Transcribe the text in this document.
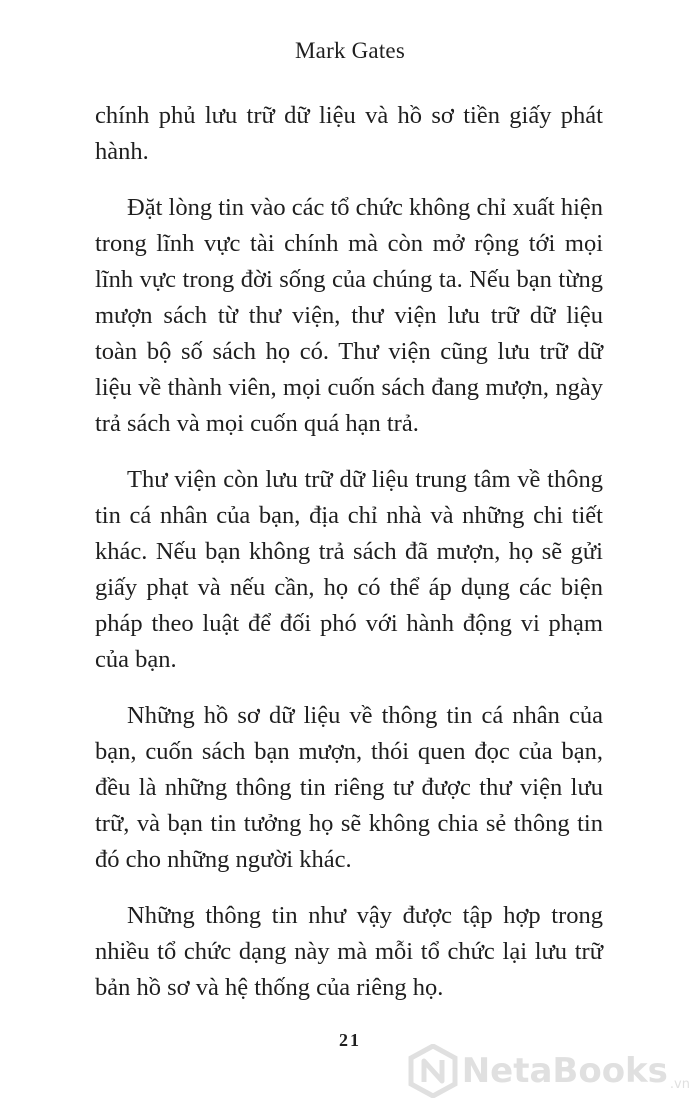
Mark Gates

chính phủ lưu trữ dữ liệu và hồ sơ tiền giấy phát hành.

Đặt lòng tin vào các tổ chức không chỉ xuất hiện trong lĩnh vực tài chính mà còn mở rộng tới mọi lĩnh vực trong đời sống của chúng ta. Nếu bạn từng mượn sách từ thư viện, thư viện lưu trữ dữ liệu toàn bộ số sách họ có. Thư viện cũng lưu trữ dữ liệu về thành viên, mọi cuốn sách đang mượn, ngày trả sách và mọi cuốn quá hạn trả.

Thư viện còn lưu trữ dữ liệu trung tâm về thông tin cá nhân của bạn, địa chỉ nhà và những chi tiết khác. Nếu bạn không trả sách đã mượn, họ sẽ gửi giấy phạt và nếu cần, họ có thể áp dụng các biện pháp theo luật để đối phó với hành động vi phạm của bạn.

Những hồ sơ dữ liệu về thông tin cá nhân của bạn, cuốn sách bạn mượn, thói quen đọc của bạn, đều là những thông tin riêng tư được thư viện lưu trữ, và bạn tin tưởng họ sẽ không chia sẻ thông tin đó cho những người khác.

Những thông tin như vậy được tập hợp trong nhiều tổ chức dạng này mà mỗi tổ chức lại lưu trữ bản hồ sơ và hệ thống của riêng họ.

21
NetaBooks .vn
